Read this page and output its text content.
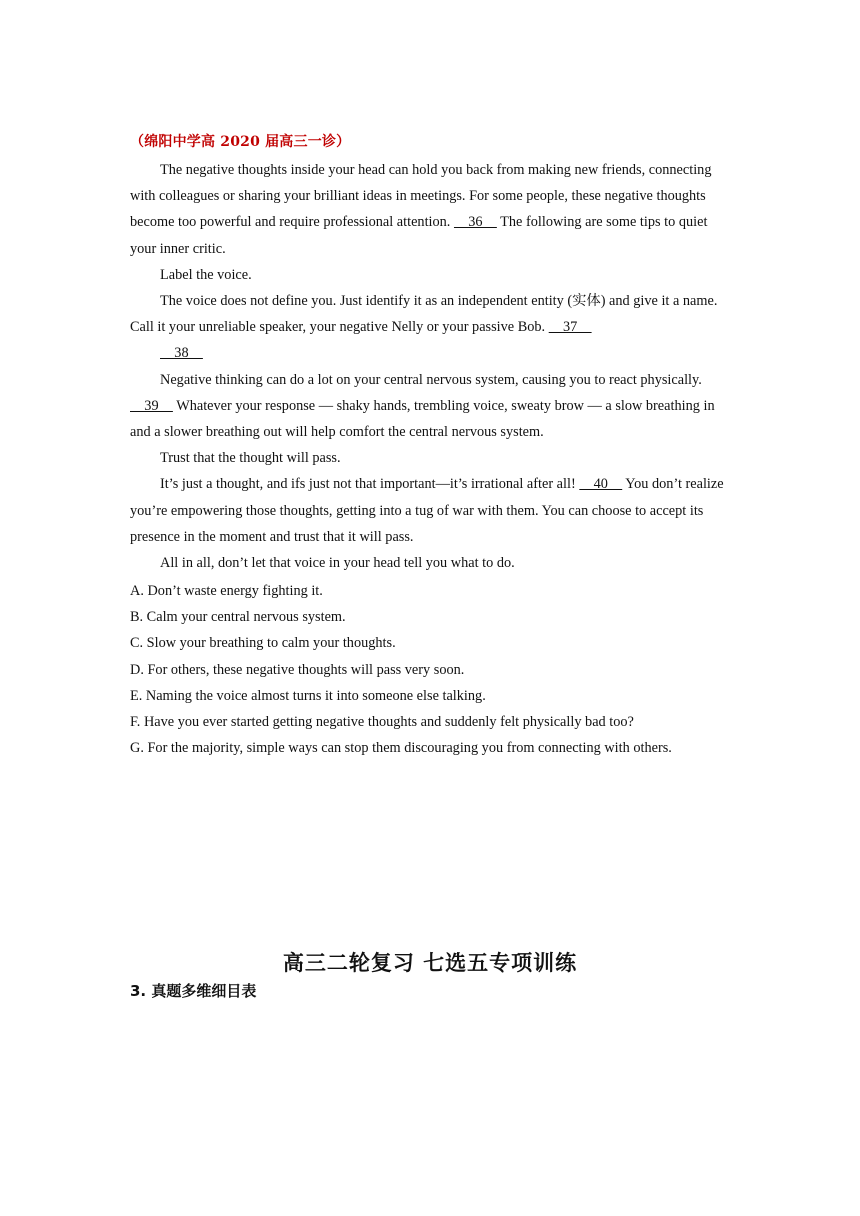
（绵阳中学高 2020 届高三一诊）

The negative thoughts inside your head can hold you back from making new friends, connecting with colleagues or sharing your brilliant ideas in meetings. For some people, these negative thoughts become too powerful and require professional attention.     36     The following are some tips to quiet your inner critic.

Label the voice.

The voice does not define you. Just identify it as an independent entity (实体) and give it a name. Call it your unreliable speaker, your negative Nelly or your passive Bob.     37

38

Negative thinking can do a lot on your central nervous system, causing you to react physically.     39     Whatever your response — shaky hands, trembling voice, sweaty brow — a slow breathing in and a slower breathing out will help comfort the central nervous system.

Trust that the thought will pass.

It’s just a thought, and ifs just not that important—it’s irrational after all!     40     You don’t realize you’re empowering those thoughts, getting into a tug of war with them. You can choose to accept its presence in the moment and trust that it will pass.

All in all, don’t let that voice in your head tell you what to do.

A. Don’t waste energy fighting it.

B. Calm your central nervous system.

C. Slow your breathing to calm your thoughts.

D. For others, these negative thoughts will pass very soon.

E. Naming the voice almost turns it into someone else talking.

F. Have you ever started getting negative thoughts and suddenly felt physically bad too?

G. For the majority, simple ways can stop them discouraging you from connecting with others.

高三二轮复习 七选五专项训练
3. 真题多维细目表
